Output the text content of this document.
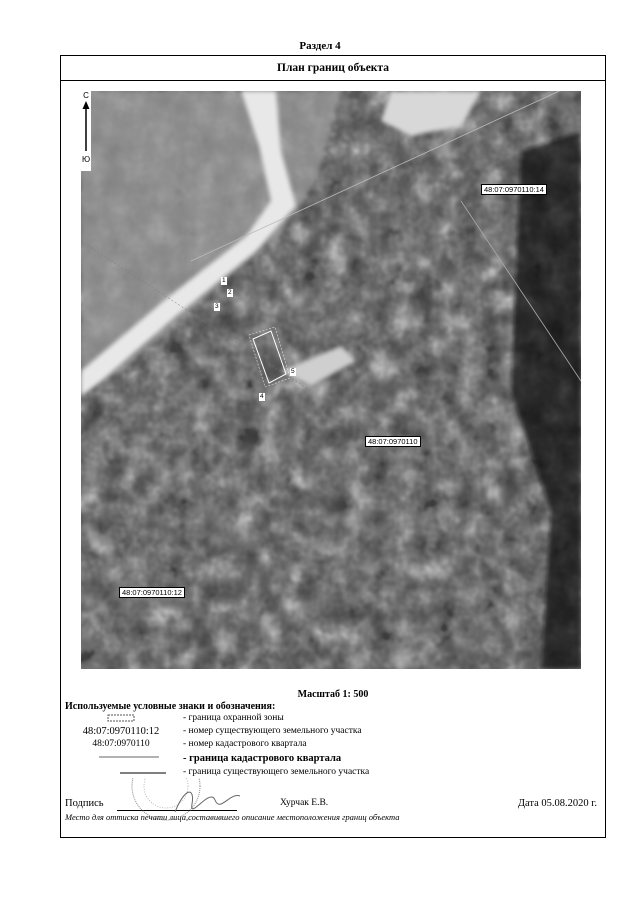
Раздел 4
План границ объекта
С
Ю
48:07:0970110:14
48:07:0970110
48:07:0970110:12
1
2
3
4
5
Масштаб 1: 500
Используемые условные знаки и обозначения:
- граница охранной зоны
48:07:0970110:12	- номер существующего земельного участка
48:07:0970110	- номер кадастрового квартала
- граница кадастрового квартала
- граница существующего земельного участка
Подпись	Хурчак Е.В.	Дата 05.08.2020 г.
Место для оттиска печати лица,составившего описание местоположения границ объекта
